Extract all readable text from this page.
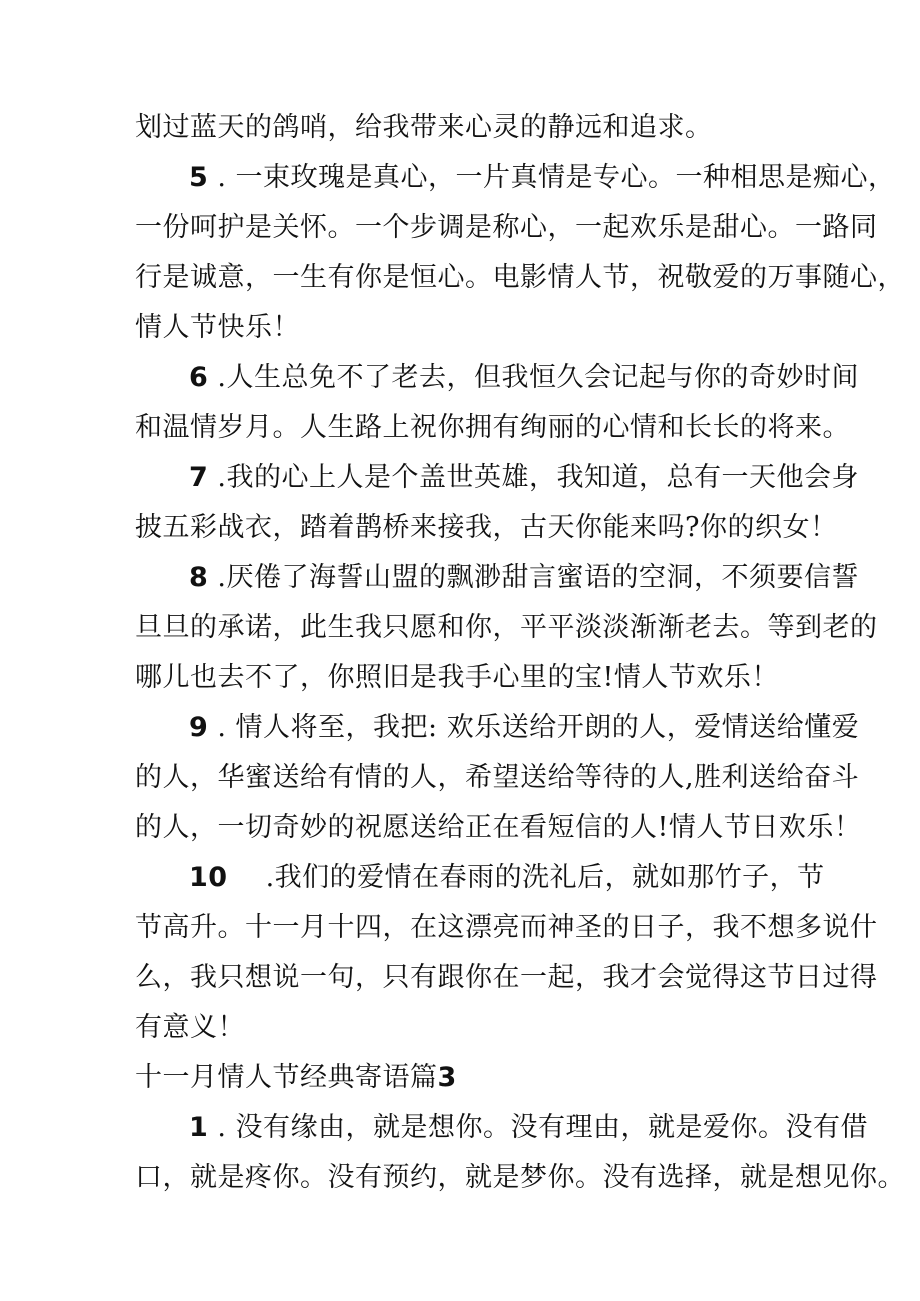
划过蓝天的鸽哨，给我带来心灵的静远和追求。
5 . 一束玫瑰是真心，一片真情是专心。一种相思是痴心，
一份呵护是关怀。一个步调是称心，一起欢乐是甜心。一路同
行是诚意，一生有你是恒心。电影情人节，祝敬爱的万事随心，
情人节快乐！
6 .人生总免不了老去，但我恒久会记起与你的奇妙时间
和温情岁月。人生路上祝你拥有绚丽的心情和长长的将来。
7 .我的心上人是个盖世英雄，我知道，总有一天他会身
披五彩战衣，踏着鹊桥来接我，古天你能来吗?你的织女！
8 .厌倦了海誓山盟的飘渺甜言蜜语的空洞，不须要信誓
旦旦的承诺，此生我只愿和你，平平淡淡渐渐老去。等到老的
哪儿也去不了，你照旧是我手心里的宝!情人节欢乐！
9 . 情人将至，我把: 欢乐送给开朗的人，爱情送给懂爱
的人，华蜜送给有情的人，希望送给等待的人,胜利送给奋斗
的人，一切奇妙的祝愿送给正在看短信的人!情人节日欢乐！
10 .我们的爱情在春雨的洗礼后，就如那竹子，节
节高升。十一月十四，在这漂亮而神圣的日子，我不想多说什
么，我只想说一句，只有跟你在一起，我才会觉得这节日过得
有意义！
十一月情人节经典寄语篇3
1 . 没有缘由，就是想你。没有理由，就是爱你。没有借
口，就是疼你。没有预约，就是梦你。没有选择，就是想见你。
